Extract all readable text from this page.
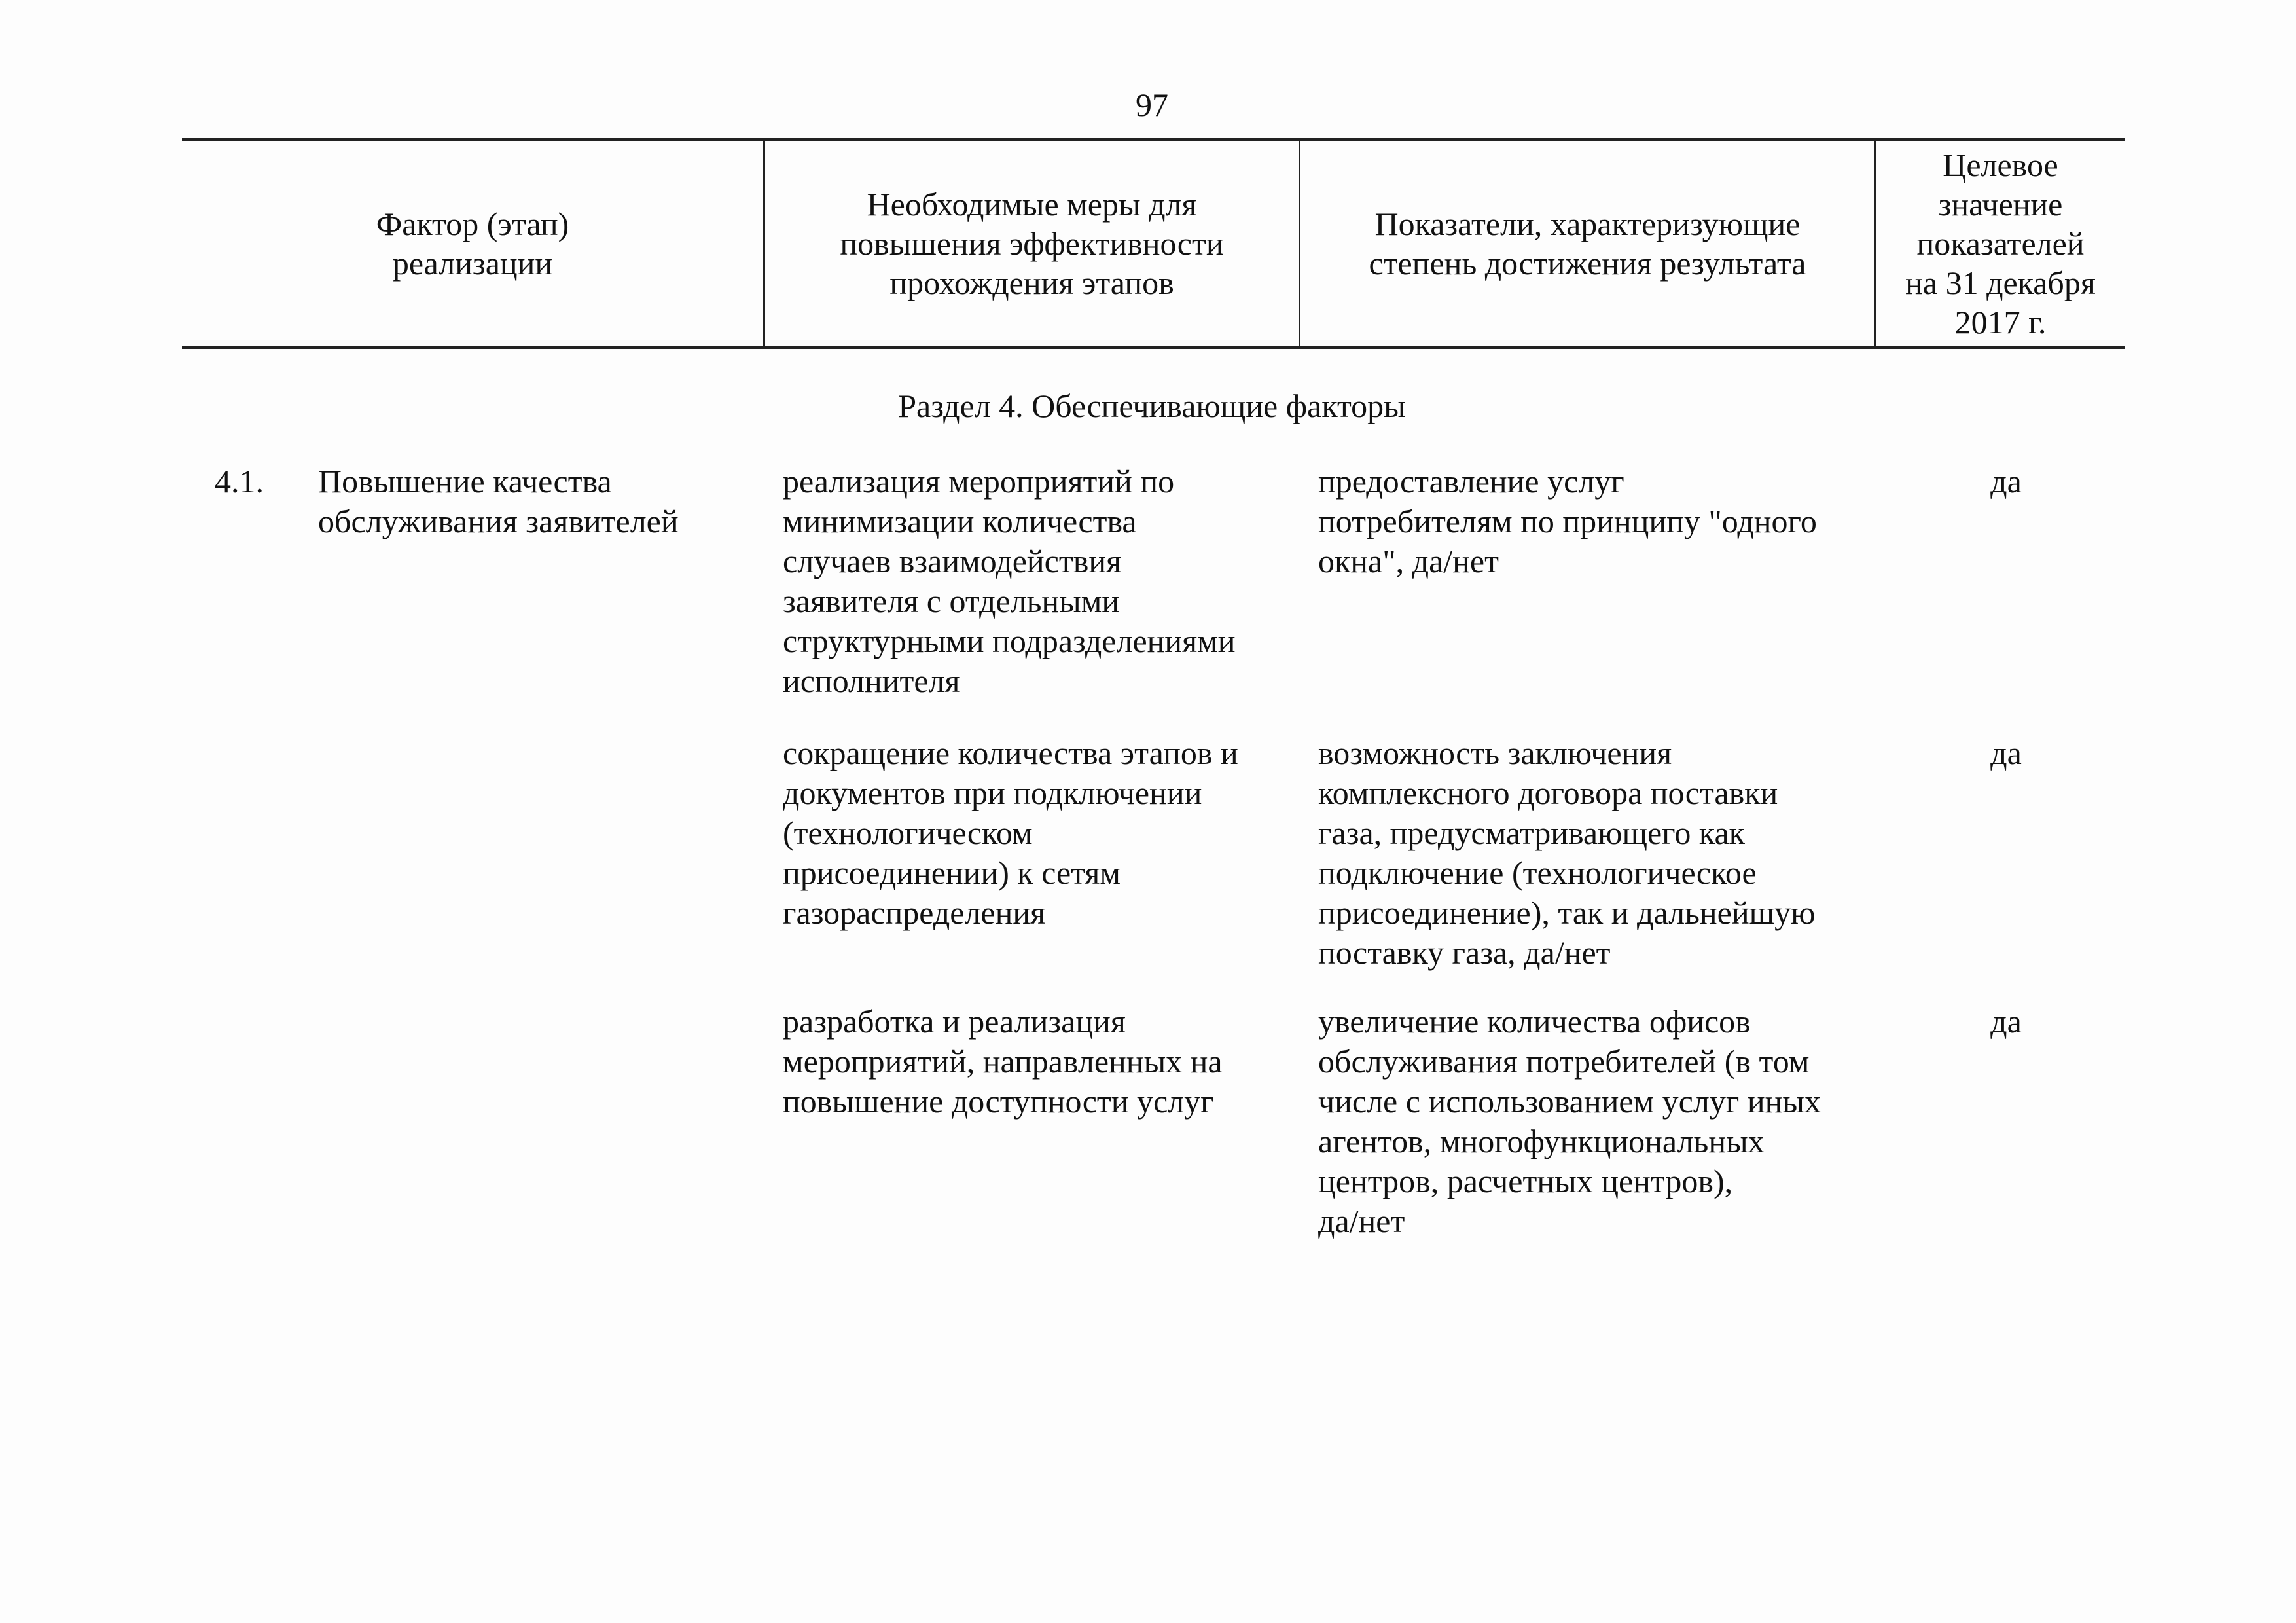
97
Фактор (этап)
реализации
Необходимые меры для
повышения эффективности
прохождения этапов
Показатели, характеризующие
степень достижения результата
Целевое
значение
показателей
на 31 декабря
2017 г.
Раздел 4. Обеспечивающие факторы
4.1.	Повышение качества
обслуживания заявителей
реализация мероприятий по
минимизации количества
случаев взаимодействия
заявителя с отдельными
структурными подразделениями
исполнителя
предоставление услуг
потребителям по принципу "одного
окна", да/нет
да
сокращение количества этапов и
документов при подключении
(технологическом
присоединении) к сетям
газораспределения
возможность заключения
комплексного договора поставки
газа, предусматривающего как
подключение (технологическое
присоединение), так и дальнейшую
поставку газа, да/нет
да
разработка и реализация
мероприятий, направленных на
повышение доступности услуг
увеличение количества офисов
обслуживания потребителей (в том
числе с использованием услуг иных
агентов, многофункциональных
центров, расчетных центров),
да/нет
да
